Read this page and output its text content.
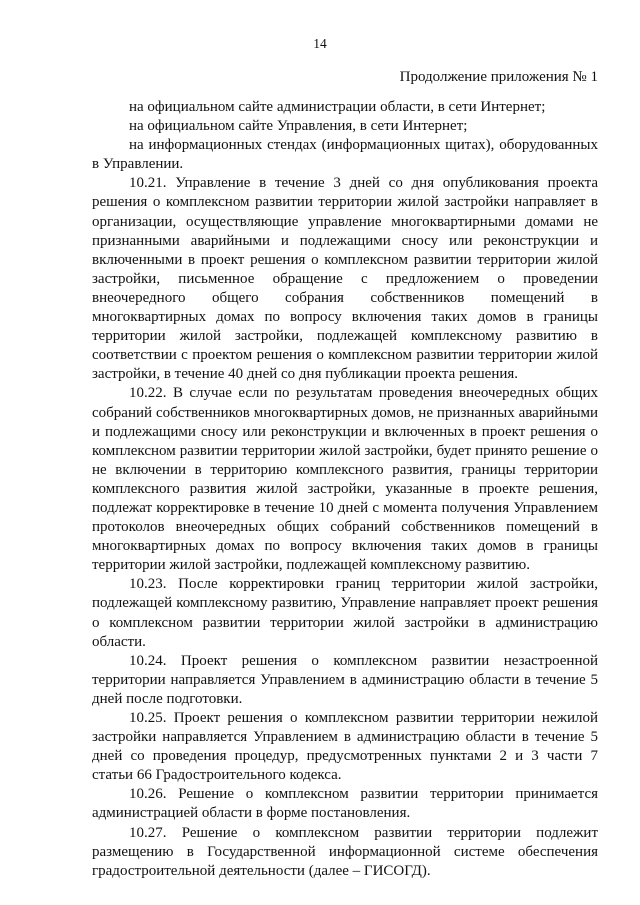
14
Продолжение приложения № 1

на официальном сайте администрации области, в сети Интернет;

на официальном сайте Управления, в сети Интернет;

на информационных стендах (информационных щитах), оборудованных в Управлении.

10.21. Управление в течение 3 дней со дня опубликования проекта решения о комплексном развитии территории жилой застройки направляет в организации, осуществляющие управление многоквартирными домами не признанными аварийными и подлежащими сносу или реконструкции и включенными в проект решения о комплексном развитии территории жилой застройки, письменное обращение с предложением о проведении внеочередного общего собрания собственников помещений в многоквартирных домах по вопросу включения таких домов в границы территории жилой застройки, подлежащей комплексному развитию в соответствии с проектом решения о комплексном развитии территории жилой застройки, в течение 40 дней со дня публикации проекта решения.

10.22. В случае если по результатам проведения внеочередных общих собраний собственников многоквартирных домов, не признанных аварийными и подлежащими сносу или реконструкции и включенных в проект решения о комплексном развитии территории жилой застройки, будет принято решение о не включении в территорию комплексного развития, границы территории комплексного развития жилой застройки, указанные в проекте решения, подлежат корректировке в течение 10 дней с момента получения Управлением протоколов внеочередных общих собраний собственников помещений в многоквартирных домах по вопросу включения таких домов в границы территории жилой застройки, подлежащей комплексному развитию.

10.23. После корректировки границ территории жилой застройки, подлежащей комплексному развитию, Управление направляет проект решения о комплексном развитии территории жилой застройки в администрацию области.

10.24. Проект решения о комплексном развитии незастроенной территории направляется Управлением в администрацию области в течение 5 дней после подготовки.

10.25. Проект решения о комплексном развитии территории нежилой застройки направляется Управлением в администрацию области в течение 5 дней со проведения процедур, предусмотренных пунктами 2 и 3 части 7 статьи 66 Градостроительного кодекса.

10.26. Решение о комплексном развитии территории принимается администрацией области в форме постановления.

10.27. Решение о комплексном развитии территории подлежит размещению в Государственной информационной системе обеспечения градостроительной деятельности (далее – ГИСОГД).
